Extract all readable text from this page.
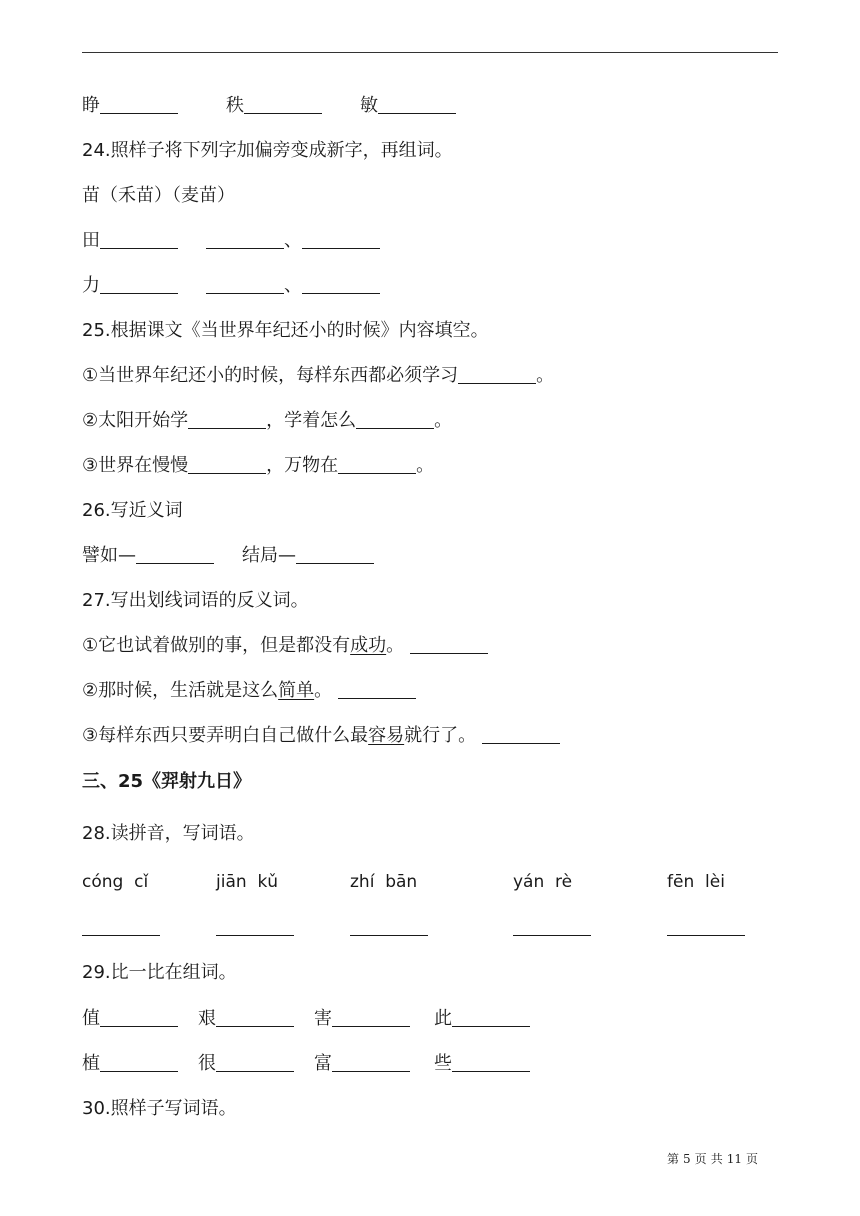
睁	秩	敏
24.照样子将下列字加偏旁变成新字，再组词。
苗（禾苗）（麦苗）
田	、
力	、
25.根据课文《当世界年纪还小的时候》内容填空。
①当世界年纪还小的时候，每样东西都必须学习	。
②太阳开始学	，学着怎么	。
③世界在慢慢	，万物在	。
26.写近义词
譬如—	结局—
27.写出划线词语的反义词。
①它也试着做别的事，但是都没有成功。
②那时候，生活就是这么简单。
③每样东西只要弄明白自己做什么最容易就行了。
三、25《羿射九日》
28.读拼音，写词语。
cóng  cǐ	jiān  kǔ	zhí  bān	yán  rè	fēn  lèi
29.比一比在组词。
值	艰	害	此
植	很	富	些
30.照样子写词语。
第 5 页 共 11 页
